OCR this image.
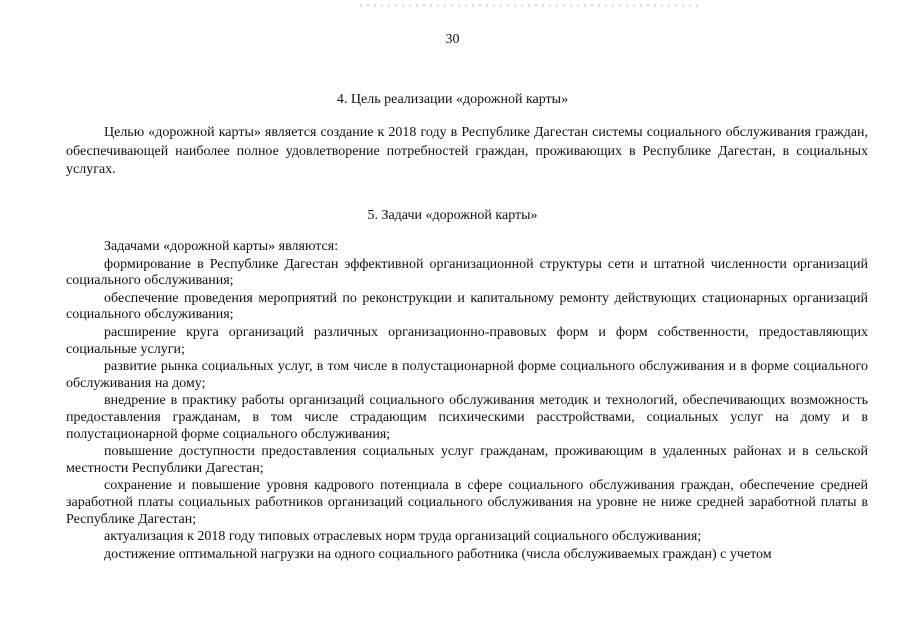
30
4. Цель реализации «дорожной карты»

Целью «дорожной карты» является создание к 2018 году в Республике Дагестан системы социального обслуживания граждан, обеспечивающей наиболее полное удовлетворение потребностей граждан, проживающих в Республике Дагестан, в социальных услугах.

5. Задачи «дорожной карты»
Задачами «дорожной карты» являются:
формирование в Республике Дагестан эффективной организационной структуры сети и штатной численности организаций социального обслуживания;
обеспечение проведения мероприятий по реконструкции и капитальному ремонту действующих стационарных организаций социального обслуживания;
расширение круга организаций различных организационно-правовых форм и форм собственности, предоставляющих социальные услуги;
развитие рынка социальных услуг, в том числе в полустационарной форме социального обслуживания и в форме социального обслуживания на дому;
внедрение в практику работы организаций социального обслуживания методик и технологий, обеспечивающих возможность предоставления гражданам, в том числе страдающим психическими расстройствами, социальных услуг на дому и в полустационарной форме социального обслуживания;
повышение доступности предоставления социальных услуг гражданам, проживающим в удаленных районах и в сельской местности Республики Дагестан;
сохранение и повышение уровня кадрового потенциала в сфере социального обслуживания граждан, обеспечение средней заработной платы социальных работников организаций социального обслуживания на уровне не ниже средней заработной платы в Республике Дагестан;
актуализация к 2018 году типовых отраслевых норм труда организаций социального обслуживания;
достижение оптимальной нагрузки на одного социального работника (числа обслуживаемых граждан) с учетом
